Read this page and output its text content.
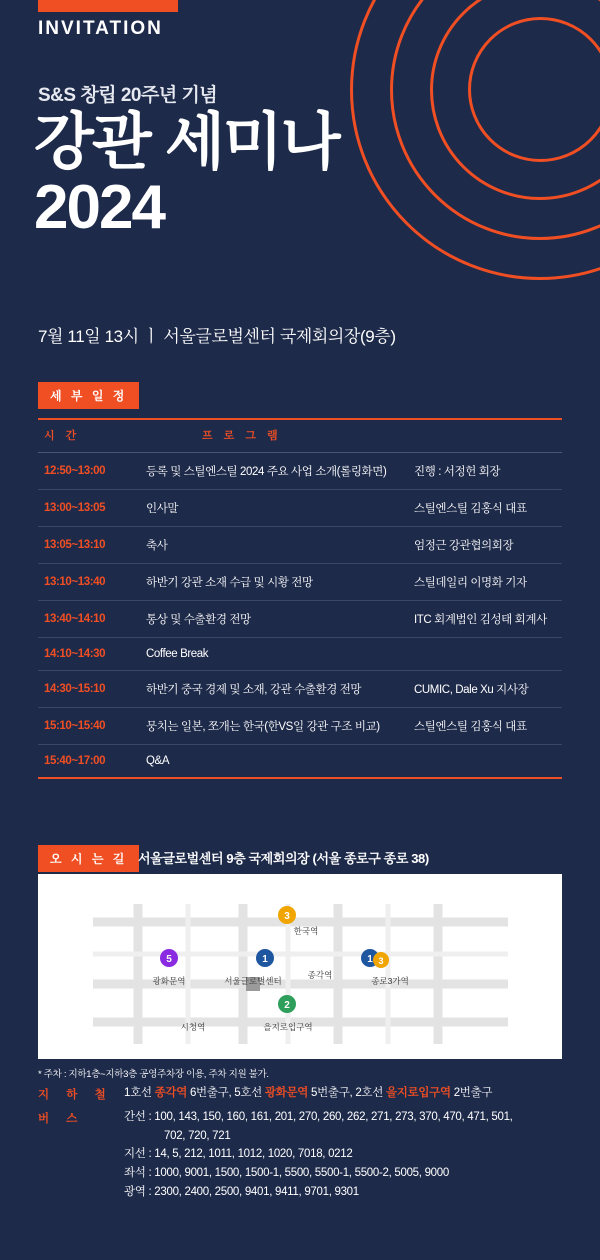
INVITATION
S&S 창립 20주년 기념
강관 세미나
2024
7월 11일 13시 ㅣ 서울글로벌센터 국제회의장(9층)
세 부 일 정
시 간	프 로 그 램	
12:50~13:00	등록 및 스틸엔스틸 2024 주요 사업 소개(롤링화면)	진행 : 서정헌 회장
13:00~13:05	인사말	스틸엔스틸 김홍식 대표
13:05~13:10	축사	엄정근 강관협의회장
13:10~13:40	하반기 강관 소재 수급 및 시황 전망	스틸데일리 이명화 기자
13:40~14:10	통상 및 수출환경 전망	ITC 회계법인 김성태 회계사
14:10~14:30	Coffee Break	
14:30~15:10	하반기 중국 경제 및 소재, 강관 수출환경 전망	CUMIC, Dale Xu 지사장
15:10~15:40	뭉치는 일본, 쪼개는 한국(한VS일 강관 구조 비교)	스틸엔스틸 김홍식 대표
15:40~17:00	Q&A	
오 시 는 길 서울글로벌센터 9층 국제회의장 (서울 종로구 종로 38)
3
한국역
5
광화문역
1
서울글로벌센터
종각역
1 3
종로3가역
2
을지로입구역
시청역
* 주차 : 지하1층~지하3층 공영주차장 이용, 주차 지원 불가.
지 하 철 1호선 종각역 6번출구, 5호선 광화문역 5번출구, 2호선 을지로입구역 2번출구
버 스	간선 : 100, 143, 150, 160, 161, 201, 270, 260, 262, 271, 273, 370, 470, 471, 501,
702, 720, 721
지선 : 14, 5, 212, 1011, 1012, 1020, 7018, 0212
좌석 : 1000, 9001, 1500, 1500-1, 5500, 5500-1, 5500-2, 5005, 9000
광역 : 2300, 2400, 2500, 9401, 9411, 9701, 9301
